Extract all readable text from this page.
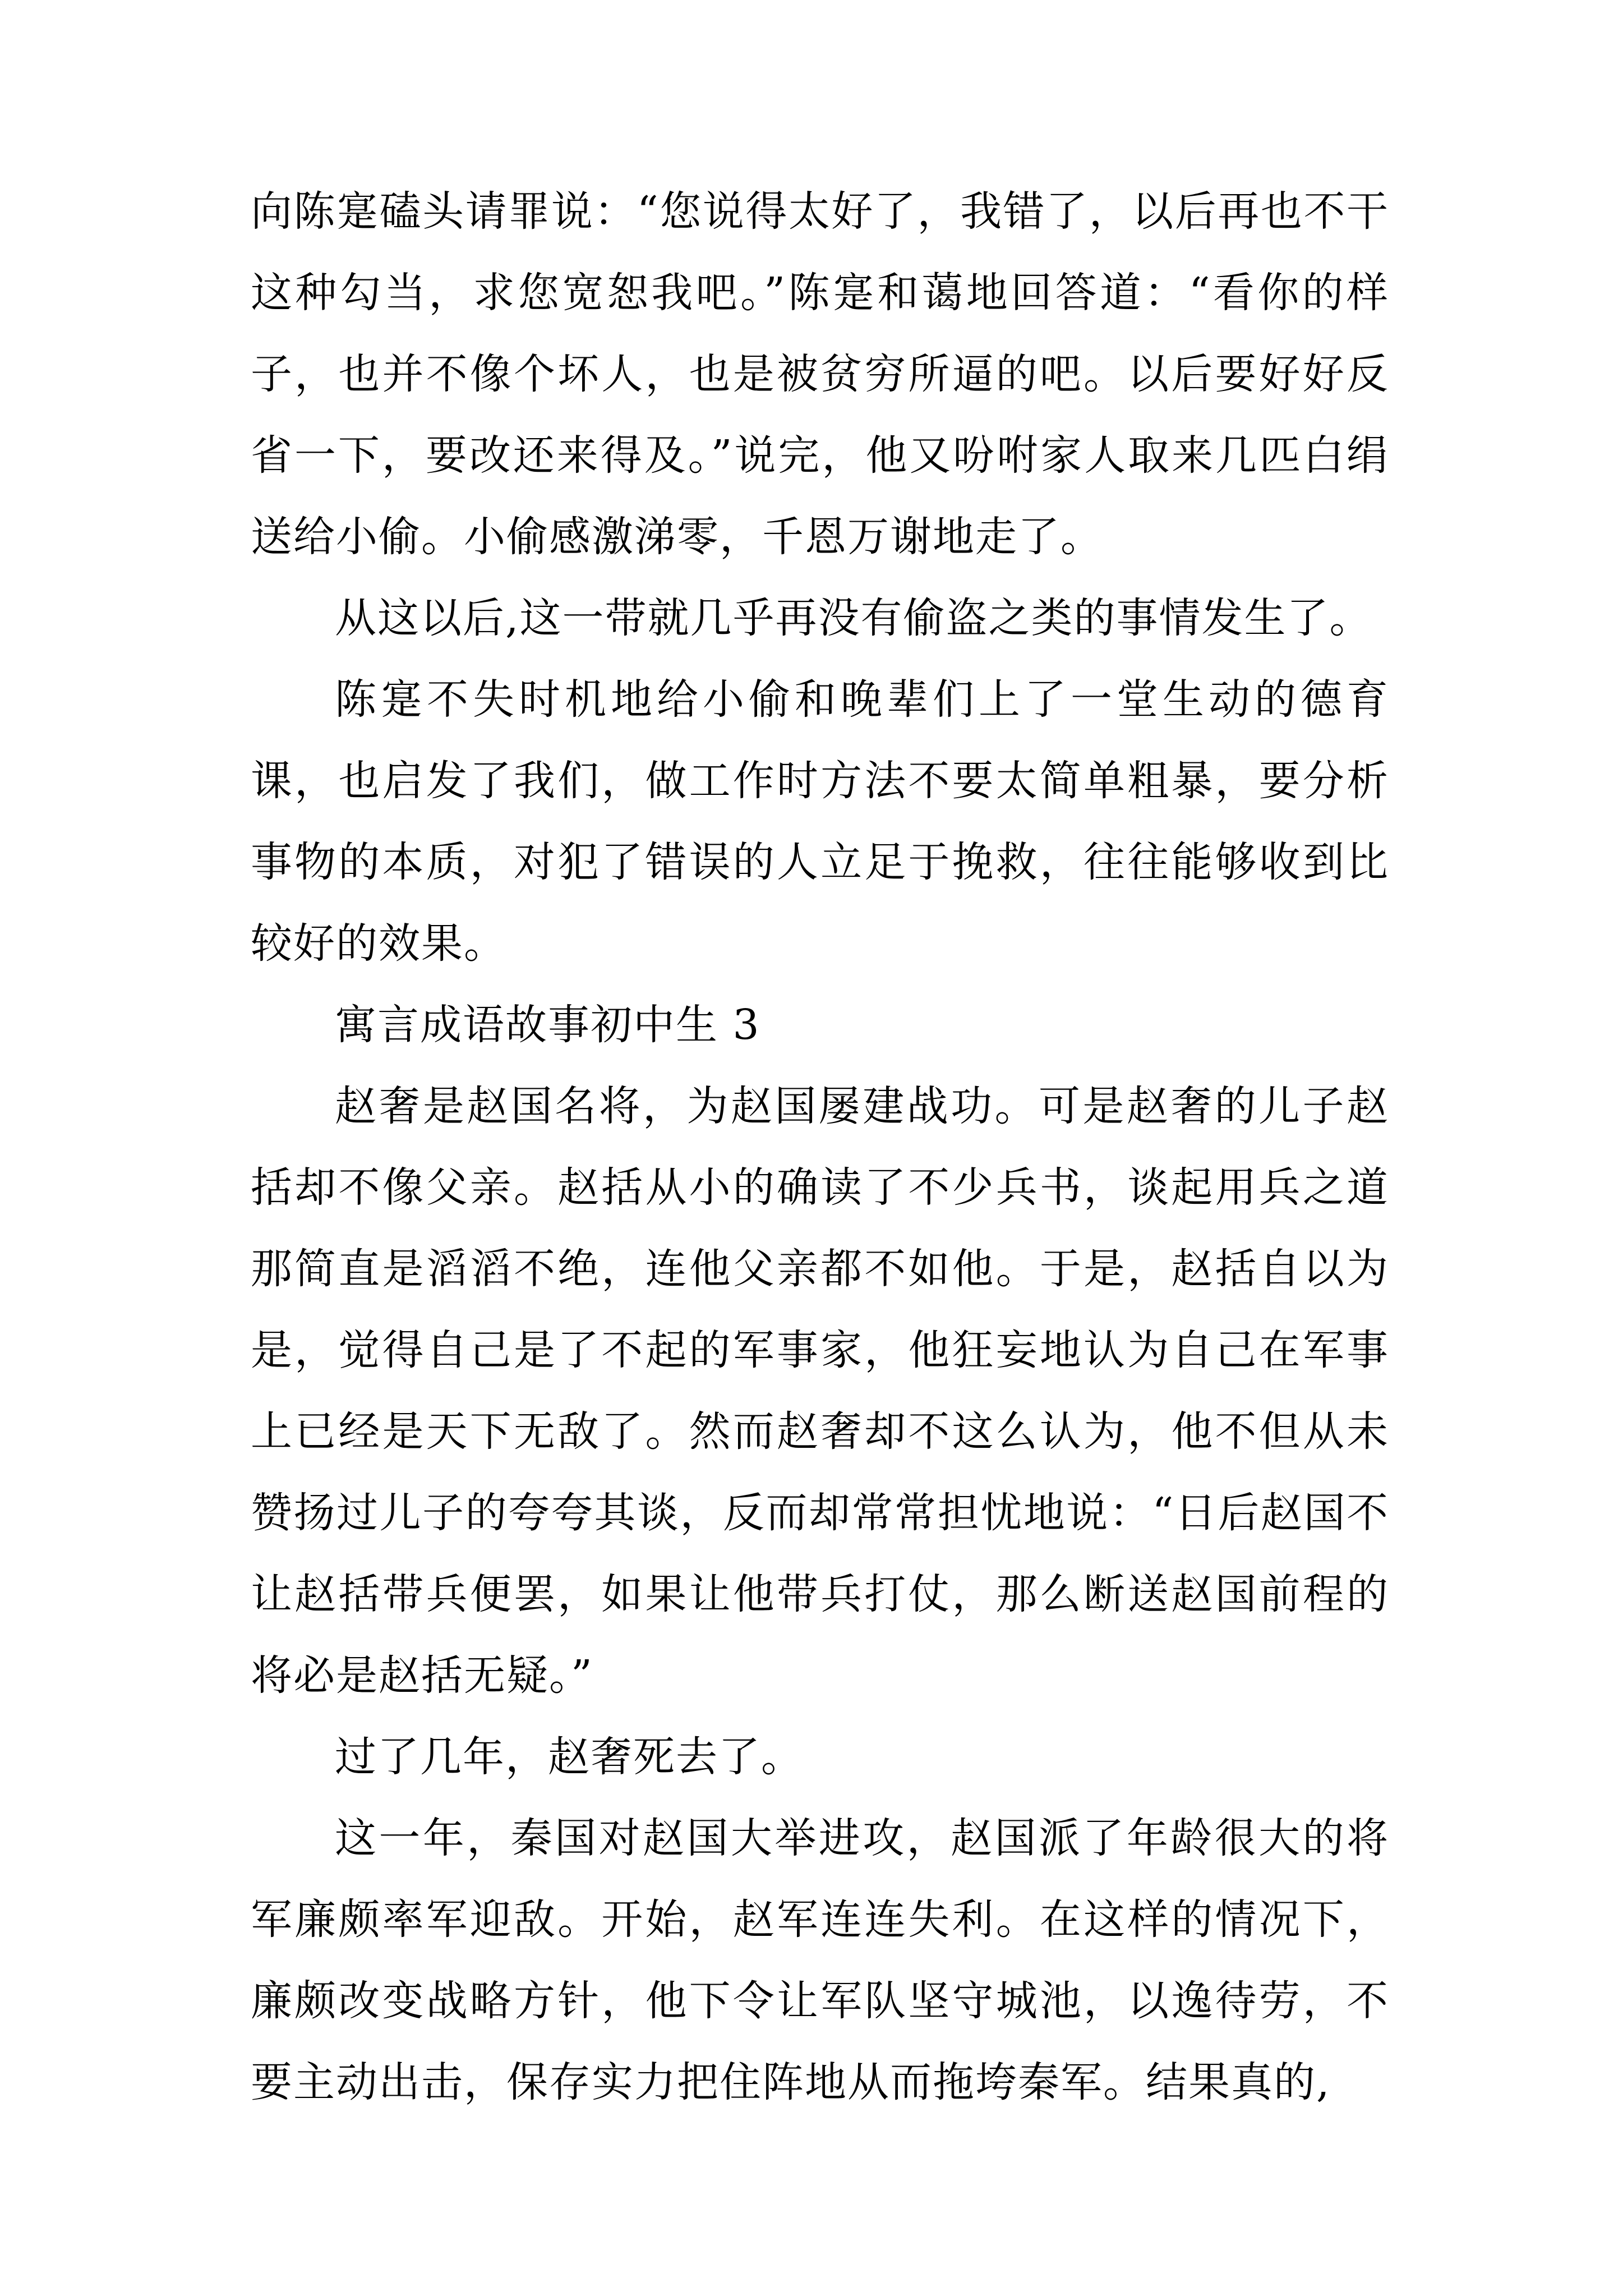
向陈寔磕头请罪说：“您说得太好了，我错了，以后再也不干这种勾当，求您宽恕我吧。”陈寔和蔼地回答道：“看你的样子，也并不像个坏人，也是被贫穷所逼的吧。以后要好好反省一下，要改还来得及。”说完，他又吩咐家人取来几匹白绢送给小偷。小偷感激涕零，千恩万谢地走了。

从这以后,这一带就几乎再没有偷盗之类的事情发生了。

陈寔不失时机地给小偷和晚辈们上了一堂生动的德育课，也启发了我们，做工作时方法不要太简单粗暴，要分析事物的本质，对犯了错误的人立足于挽救，往往能够收到比较好的效果。

寓言成语故事初中生 3

赵奢是赵国名将，为赵国屡建战功。可是赵奢的儿子赵括却不像父亲。赵括从小的确读了不少兵书，谈起用兵之道那简直是滔滔不绝，连他父亲都不如他。于是，赵括自以为是，觉得自己是了不起的军事家，他狂妄地认为自己在军事上已经是天下无敌了。然而赵奢却不这么认为，他不但从未赞扬过儿子的夸夸其谈，反而却常常担忧地说：“日后赵国不让赵括带兵便罢，如果让他带兵打仗，那么断送赵国前程的将必是赵括无疑。”

过了几年，赵奢死去了。

这一年，秦国对赵国大举进攻，赵国派了年龄很大的将军廉颇率军迎敌。开始，赵军连连失利。在这样的情况下，廉颇改变战略方针，他下令让军队坚守城池，以逸待劳，不要主动出击，保存实力把住阵地从而拖垮秦军。结果真的,
